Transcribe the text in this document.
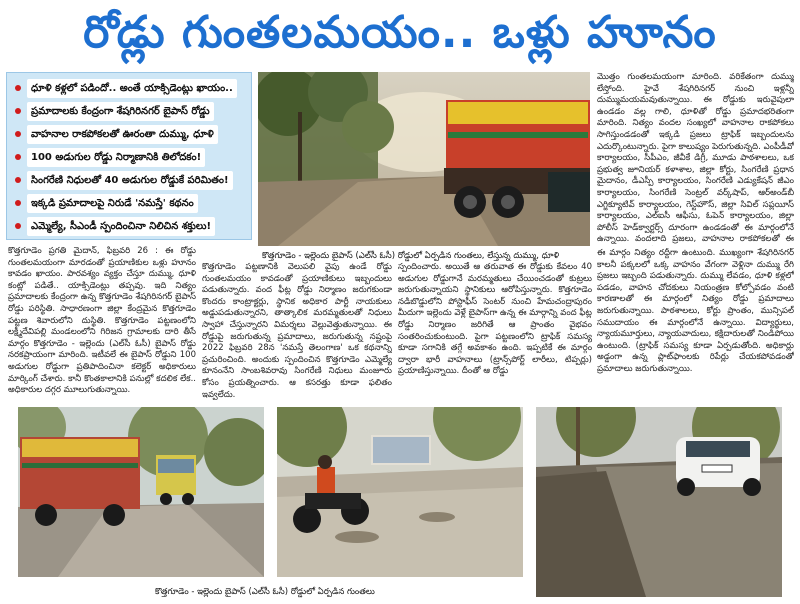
రోడ్లు గుంతలమయం.. ఒళ్లు హూనం
ధూళి కళ్లలో పడిందో.. అంతే యాక్సిడెంట్లు ఖాయం..
ప్రమాదాలకు కేంద్రంగా శేషగిరినగర్ బైపాస్ రోడ్డు
వాహనాల రాకపోకలతో ఊరంతా దుమ్ము, ధూళి
100 అడుగుల రోడ్డు నిర్మాణానికి తిలోదకం!
సింగరేణి నిధులతో 40 అడుగుల రోడ్డుకే పరిమితం!
ఇక్కడి ప్రమాదాలపై నిరుడే 'నమస్తే' కథనం
ఎమ్మెల్యే, సీఎండీ స్పందించినా నిలిచిన శక్తులు!
కొత్తగూడెం - ఇల్లెందు బైపాస్ (ఎల్‌సీ ఓసీ) రోడ్డులో ఏర్పడిన గుంతలు, లేస్తున్న దుమ్ము, ధూళి

మొత్తం గుంతలమయంగా మారింది. వరికేతంగా దుమ్ము లేస్తోంది. హైవే శేషగిరినగర్ నుంచి ఇళ్లన్నీ దుమ్ముమయమవుతున్నాయి. ఈ రోడ్డుకు ఇరువైపులా ఉండడం వల్ల గాలి, ధూళితో రోడ్డు ప్రమాదభరితంగా మారింది. నిత్యం వందల సంఖ్యలో వాహనాల రాకపోకలు సాగిస్తుండడంతో ఇక్కడి ప్రజలు ట్రాఫిక్ ఇబ్బందులను ఎదుర్కొంటున్నారు. పైగా కాలుష్యం పెరుగుతున్నది. ఎంపీడీవో కార్యాలయం, సీపీఎం, జీవీకే డిగ్రీ, మూడు పాఠశాలలు, ఒక ప్రభుత్వ జూనియర్ కళాశాల, జిల్లా కోర్టు, సింగరేణి ప్రధాన మైదానం, డీఎస్పీ కార్యాలయం, సింగరేణి ఎడ్యుకేషన్ జీఎం కార్యాలయం, సింగరేణి సెంట్రల్ వర్క్‌షాప్, ఆర్‌అండ్‌బీ ఎగ్జిక్యూటివ్ కార్యాలయం, గెస్ట్‌హౌస్, జిల్లా సివిల్ సప్లయీస్ కార్యాలయం, ఎల్‌ఐసీ ఆఫీసు, ఓపెన్ కార్యాలయం, జిల్లా పోలీస్ హెడ్‌క్వార్టర్స్ దూరంగా ఉండడంతో ఈ మార్గంలోనే ఉన్నాయి. వందలాది ప్రజలు, వాహనాల రాకపోకలతో ఈ

ఈ మార్గం నిత్యం రద్దీగా ఉంటుంది. ముఖ్యంగా శేషగిరినగర్ కాలనీ పక్కలలో ఒక్క వాహనం వేగంగా వెళ్లినా దుమ్ము రేగి ప్రజలు ఇబ్బంది పడుతున్నారు. దుమ్ము లేవడం, ధూళి కళ్లలో పడడం, వాహన చోదకులు నియంత్రణ కోల్పోవడం వంటి కారణాలతో ఈ మార్గంలో నిత్యం రోడ్డు ప్రమాదాలు జరుగుతున్నాయి. పాఠశాలలు, కోర్టు ప్రాంతం, మున్సిపల్ సముదాయం ఈ మార్గంలోనే ఉన్నాయి. విద్యార్థులు, న్యాయమూర్తులు, న్యాయవాదులు, కక్షిదారులతో నిండిపోయి ఉంటుంది. (ట్రాఫిక్ సమస్య కూడా ఏర్పడుతోంది. అధికార్లు అడ్డంగా ఉన్న ప్లాట్‌ఫాంలకు రిపేర్లు చేయకపోవడంతో ప్రమాదాలు జరుగుతున్నాయి.

కొత్తగూడెం ప్రగతి మైదాన్, ఫిబ్రవరి 26 : ఈ రోడ్డు గుంతలమయంగా మారడంతో ప్రయాణికుల ఒళ్లు హూనం కావడం ఖాయం. పారవశ్యం వ్యక్తం చేస్తూ దుమ్ము, ధూళి కంట్లో పడితే.. యాక్సిడెంట్లు తప్పవు. ఇది నిత్యం ప్రమాదాలకు కేంద్రంగా ఉన్న కొత్తగూడెం శేషగిరినగర్ బైపాస్ రోడ్డు పరిస్థితి. సాధారణంగా జిల్లా కేంద్రమైన కొత్తగూడెం పట్టణ శివారులోని దుస్థితి. కొత్తగూడెం పట్టణంలోని లక్ష్మీదేవిపల్లి మండలంలోని గిరిజన గ్రామాలకు దారి తీసే మార్గం కొత్తగూడెం - ఇల్లెందు (ఎల్‌సీ ఓసీ) బైపాస్ రోడ్డు నరకప్రాయంగా మారింది. ఇటీవలే ఈ బైపాస్ రోడ్డుని 100 అడుగుల రోడ్డుగా ప్రతిపాదించినా కలెక్టర్ అధికారులు మార్కింగ్ చేశారు. కానీ కొంతకాలానికి పనుల్లో కదలిక లేక.. అధికారుల దగ్గర మూలుగుతున్నాయి.

కొత్తగూడెం పట్టణానికి వెలుపలి వైపు ఉండే రోడ్డు గుంతలమయం కావడంతో ప్రయాణికులు ఇబ్బందులు పడుతున్నారు. వంద ఫీట్ల రోడ్డు నిర్మాణం జరుగకుండా కొందరు కాంట్రాక్టర్లు, స్థానిక అధికార పార్టీ నాయకులు అడ్డుపడుతున్నారని, తాత్కాలిక మరమ్మతులతో నిధులు స్వాహా చేస్తున్నారని విమర్శలు వెల్లువెత్తుతున్నాయి. ఈ రోడ్డుపై జరుగుతున్న ప్రమాదాలు, జరుగుతున్న నష్టంపై 2022 ఫిబ్రవరి 28న 'నమస్తే తెలంగాణ' ఒక కథనాన్ని ప్రచురించింది. అందుకు స్పందించిన కొత్తగూడెం ఎమ్మెల్యే కూనంనేని సాంబశివరావు సింగరేణి నిధులు మంజూరు కోసం ప్రయత్నించారు. ఆ కసరత్తు కూడా ఫలితం ఇవ్వలేదు.

స్పందించారు. అయితే ఆ తరువాత ఈ రోడ్డుకు కేవలం 40 అడుగుల రోడ్డుగానే మరమ్మతులు చేయించడంతో కుట్రలు జరుగుతున్నాయని స్థానికులు ఆరోపిస్తున్నారు. కొత్తగూడెం నడిబొడ్డులోని పోస్టాఫీస్ సెంటర్ నుంచి హేమచంద్రాపురం మీదుగా ఇల్లెందు వెళ్లే బైపాస్‌గా ఉన్న ఈ మార్గాన్ని వంద ఫీట్ల రోడ్డు నిర్మాణం జరిగితే ఆ ప్రాంతం వైభవం సంతరించుకుంటుంది. పైగా పట్టణంలోని ట్రాఫిక్ సమస్య కూడా సగానికి తగ్గే అవకాశం ఉంది. ఇప్పటికే ఈ మార్గం ద్వారా భారీ వాహనాలు (ట్రాన్స్‌పోర్ట్ లారీలు, టిప్పర్లు) ప్రయాణిస్తున్నాయి. దీంతో ఆ రోడ్డు

కొత్తగూడెం - ఇల్లెందు బైపాస్ (ఎల్‌సీ ఓసీ) రోడ్డులో ఏర్పడిన గుంతలు
